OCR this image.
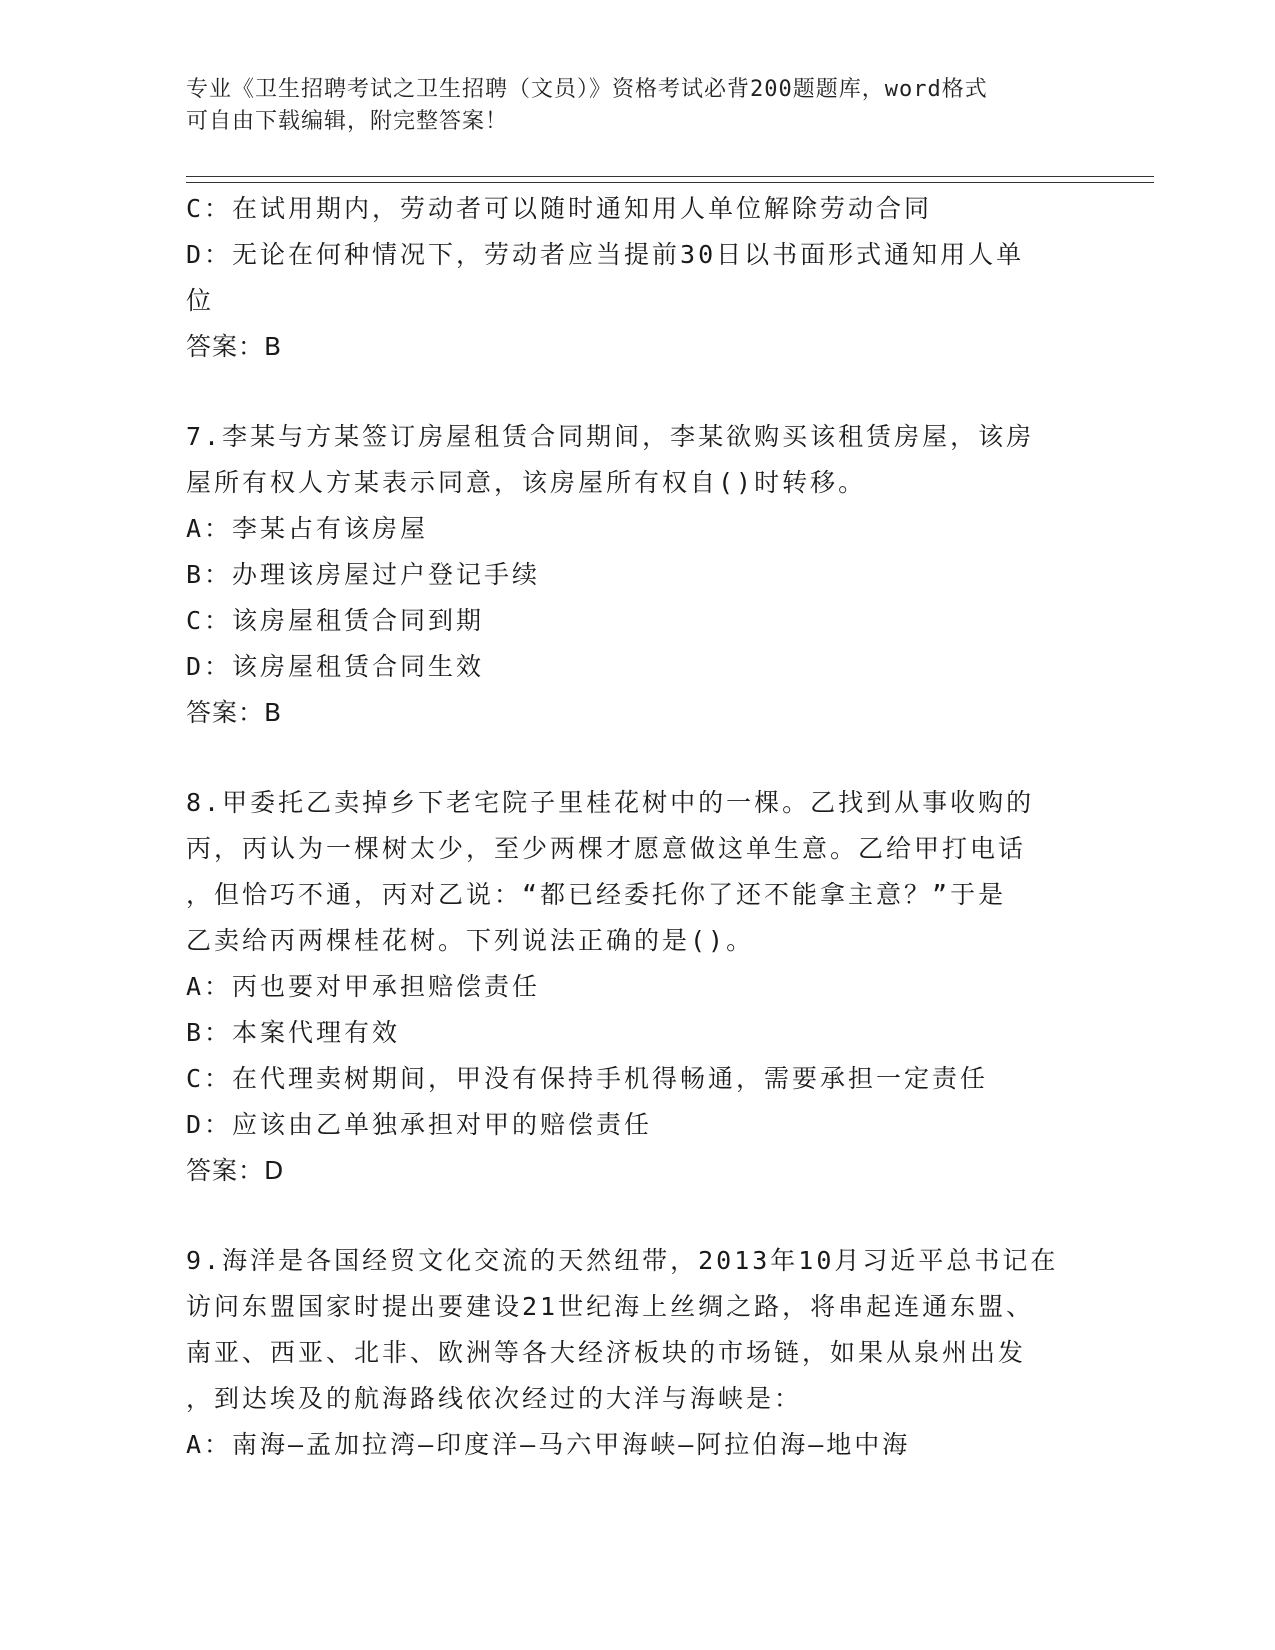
专业《卫生招聘考试之卫生招聘（文员）》资格考试必背200题题库，word格式
可自由下载编辑，附完整答案！
C：在试用期内，劳动者可以随时通知用人单位解除劳动合同
D：无论在何种情况下，劳动者应当提前30日以书面形式通知用人单
位
答案：B
7.李某与方某签订房屋租赁合同期间，李某欲购买该租赁房屋，该房
屋所有权人方某表示同意，该房屋所有权自()时转移。
A：李某占有该房屋
B：办理该房屋过户登记手续
C：该房屋租赁合同到期
D：该房屋租赁合同生效
答案：B
8.甲委托乙卖掉乡下老宅院子里桂花树中的一棵。乙找到从事收购的
丙，丙认为一棵树太少，至少两棵才愿意做这单生意。乙给甲打电话
，但恰巧不通，丙对乙说：“都已经委托你了还不能拿主意？”于是
乙卖给丙两棵桂花树。下列说法正确的是()。
A：丙也要对甲承担赔偿责任
B：本案代理有效
C：在代理卖树期间，甲没有保持手机得畅通，需要承担一定责任
D：应该由乙单独承担对甲的赔偿责任
答案：D
9.海洋是各国经贸文化交流的天然纽带，2013年10月习近平总书记在
访问东盟国家时提出要建设21世纪海上丝绸之路，将串起连通东盟、
南亚、西亚、北非、欧洲等各大经济板块的市场链，如果从泉州出发
，到达埃及的航海路线依次经过的大洋与海峡是：
A：南海—孟加拉湾—印度洋—马六甲海峡—阿拉伯海—地中海
